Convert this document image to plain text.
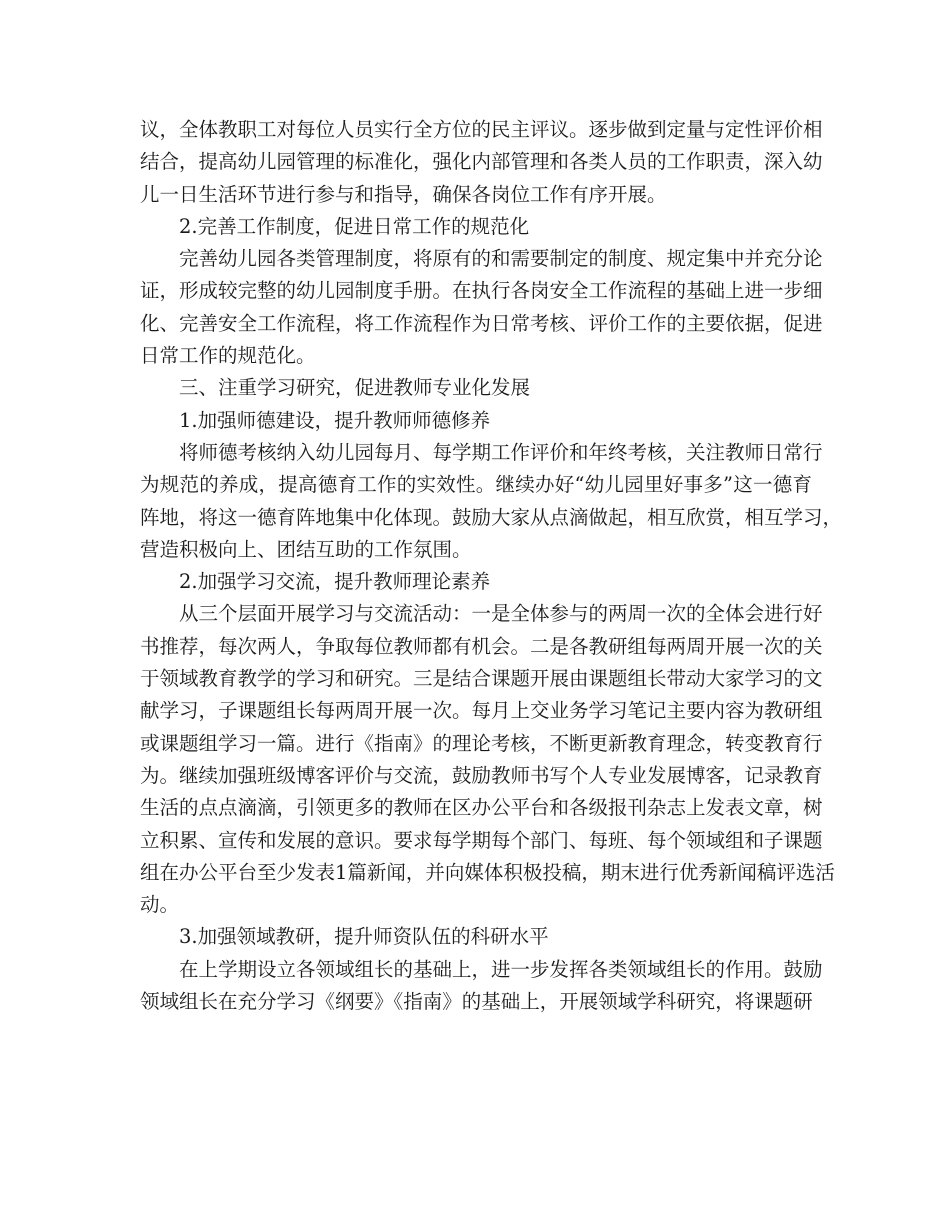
议，全体教职工对每位人员实行全方位的民主评议。逐步做到定量与定性评价相
结合，提高幼儿园管理的标准化，强化内部管理和各类人员的工作职责，深入幼
儿一日生活环节进行参与和指导，确保各岗位工作有序开展。
2.完善工作制度，促进日常工作的规范化
完善幼儿园各类管理制度，将原有的和需要制定的制度、规定集中并充分论
证，形成较完整的幼儿园制度手册。在执行各岗安全工作流程的基础上进一步细
化、完善安全工作流程，将工作流程作为日常考核、评价工作的主要依据，促进
日常工作的规范化。
三、注重学习研究，促进教师专业化发展
1.加强师德建设，提升教师师德修养
将师德考核纳入幼儿园每月、每学期工作评价和年终考核，关注教师日常行
为规范的养成，提高德育工作的实效性。继续办好“幼儿园里好事多”这一德育
阵地，将这一德育阵地集中化体现。鼓励大家从点滴做起，相互欣赏，相互学习，
营造积极向上、团结互助的工作氛围。
2.加强学习交流，提升教师理论素养
从三个层面开展学习与交流活动：一是全体参与的两周一次的全体会进行好
书推荐，每次两人，争取每位教师都有机会。二是各教研组每两周开展一次的关
于领域教育教学的学习和研究。三是结合课题开展由课题组长带动大家学习的文
献学习，子课题组长每两周开展一次。每月上交业务学习笔记主要内容为教研组
或课题组学习一篇。进行《指南》的理论考核，不断更新教育理念，转变教育行
为。继续加强班级博客评价与交流，鼓励教师书写个人专业发展博客，记录教育
生活的点点滴滴，引领更多的教师在区办公平台和各级报刊杂志上发表文章，树
立积累、宣传和发展的意识。要求每学期每个部门、每班、每个领域组和子课题
组在办公平台至少发表1篇新闻，并向媒体积极投稿，期末进行优秀新闻稿评选活
动。
3.加强领域教研，提升师资队伍的科研水平
在上学期设立各领域组长的基础上，进一步发挥各类领域组长的作用。鼓励
领域组长在充分学习《纲要》《指南》的基础上，开展领域学科研究，将课题研
